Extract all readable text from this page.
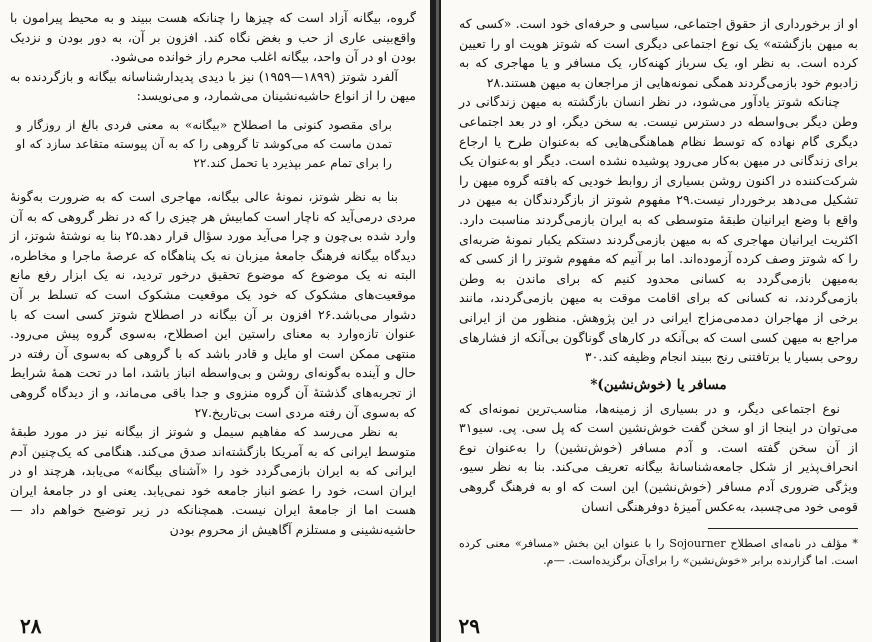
گروه، بیگانه آزاد است که چیزها را چنانکه هست ببیند و به محیط پیرامون با واقع‌بینی عاری از حب و بغض نگاه کند. افزون بر آن، به دور بودن و نزدیک بودن او در آن واحد، بیگانه اغلب محرم راز خوانده می‌شود.

آلفرد شوتز (۱۸۹۹—۱۹۵۹) نیز با دیدی پدیدارشناسانه بیگانه و بازگردنده به میهن را از انواع حاشیه‌نشینان می‌شمارد، و می‌نویسد:

برای مقصود کنونی ما اصطلاح «بیگانه» به معنی فردی بالغ از روزگار و تمدن ماست که می‌کوشد تا گروهی را که به آن پیوسته متقاعد سازد که او را برای تمام عمر بپذیرد یا تحمل کند.۲۲

بنا به نظر شوتز، نمونهٔ عالی بیگانه، مهاجری است که به ضرورت به‌گونهٔ مردی درمی‌آید که ناچار است کمابیش هر چیزی را که در نظر گروهی که به آن وارد شده بی‌چون و چرا می‌آید مورد سؤال قرار دهد.۲۵ بنا به نوشتهٔ شوتز، از دیدگاه بیگانه فرهنگ جامعهٔ میزبان نه یک پناهگاه که عرصهٔ ماجرا و مخاطره، البته نه یک موضوع که موضوع تحقیق درخور تردید، نه یک ابزار رفع مانع موقعیت‌های مشکوک که خود یک موقعیت مشکوک است که تسلط بر آن دشوار می‌باشد.۲۶ افزون بر آن بیگانه در اصطلاح شوتز کسی است که با عنوان تازه‌وارد به معنای راستین این اصطلاح، به‌سوی گروه پیش می‌رود. منتهی ممکن است او مایل و قادر باشد که با گروهی که به‌سوی آن رفته در حال و آینده به‌گونه‌ای روشن و بی‌واسطه انباز باشد، اما در تحت همهٔ شرایط از تجربه‌های گذشتهٔ آن گروه منزوی و جدا باقی می‌ماند، و از دیدگاه گروهی که به‌سوی آن رفته مردی است بی‌تاریخ.۲۷

به نظر می‌رسد که مفاهیم سیمل و شوتز از بیگانه نیز در مورد طبقهٔ متوسط ایرانی که به آمریکا بازگشته‌اند صدق می‌کند. هنگامی که یک‌چنین آدم ایرانی که به ایران بازمی‌گردد خود را «آشنای بیگانه» می‌یابد، هرچند او در ایران است، خود را عضو انباز جامعه خود نمی‌یابد. یعنی او در جامعهٔ ایران هست اما از جامعهٔ ایران نیست. همچنانکه در زیر توضیح خواهم داد — حاشیه‌نشینی و مستلزم آگاهیش از محروم بودن

۲۸

او از برخورداری از حقوق اجتماعی، سیاسی و حرفه‌ای خود است. «کسی که به میهن بازگشته» یک نوع اجتماعی دیگری است که شوتز هویت او را تعیین کرده است. به نظر او، یک سرباز کهنه‌کار، یک مسافر و یا مهاجری که به زادبوم خود بازمی‌گردند همگی نمونه‌هایی از مراجعان به میهن هستند.۲۸

چنانکه شوتز یادآور می‌شود، در نظر انسان بازگشته به میهن زندگانی در وطن دیگر بی‌واسطه در دسترس نیست. به سخن دیگر، او در بعد اجتماعی دیگری گام نهاده که توسط نظام هماهنگی‌هایی که به‌عنوان طرح یا ارجاع برای زندگانی در میهن به‌کار می‌رود پوشیده نشده است. دیگر او به‌عنوان یک شرکت‌کننده در اکنون روشن بسیاری از روابط خودیی که بافته گروه میهن را تشکیل می‌دهد برخوردار نیست.۲۹ مفهوم شوتز از بازگردندگان به میهن در واقع با وضع ایرانیان طبقهٔ متوسطی که به ایران بازمی‌گردند مناسبت دارد. اکثریت ایرانیان مهاجری که به میهن بازمی‌گردند دستکم یکبار نمونهٔ ضربه‌ای را که شوتز وصف کرده آزموده‌اند. اما بر آنیم که مفهوم شوتز را از کسی که به‌میهن بازمی‌گردد به کسانی محدود کنیم که برای ماندن به وطن بازمی‌گردند، نه کسانی که برای اقامت موقت به میهن بازمی‌گردند، مانند برخی از مهاجران دمدمی‌مزاج ایرانی در این پژوهش. منظور من از ایرانی مراجع به میهن کسی است که بی‌آنکه در کارهای گوناگون بی‌آنکه از فشارهای روحی بسیار یا برتافتنی رنج ببیند انجام وظیفه کند.۳۰

مسافر یا (خوش‌نشین)*

نوع اجتماعی دیگر، و در بسیاری از زمینه‌ها، مناسب‌ترین نمونه‌ای که می‌توان در اینجا از او سخن گفت خوش‌نشین است که پل سی. پی. سیو۳۱ از آن سخن گفته است. و آدم مسافر (خوش‌نشین) را به‌عنوان نوع انحراف‌پذیر از شکل جامعه‌شناسانهٔ بیگانه تعریف می‌کند. بنا به نظر سیو، ویژگی ضروری آدم مسافر (خوش‌نشین) این است که او به فرهنگ گروهی قومی خود می‌چسبد، به‌عکس آمیزهٔ دوفرهنگی انسان

* مؤلف در نامه‌ای اصطلاح Sojourner را با عنوان این بخش «مسافر» معنی کرده است. اما گزارنده برابر «خوش‌نشین» را برای‌آن برگزیده‌است. —م.

۲۹
